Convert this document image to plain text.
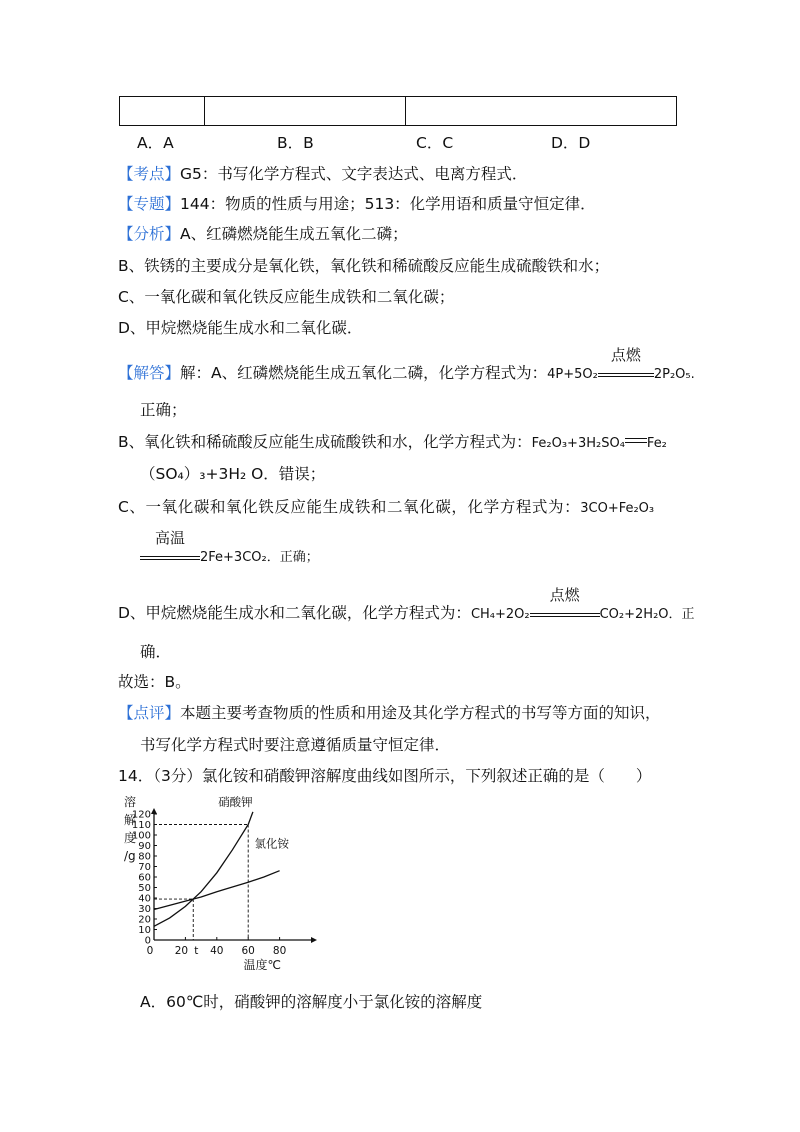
A．A	B．B	C．C	D．D
【考点】G5：书写化学方程式、文字表达式、电离方程式．
【专题】144：物质的性质与用途；513：化学用语和质量守恒定律．
【分析】A、红磷燃烧能生成五氧化二磷；
B、铁锈的主要成分是氧化铁，氧化铁和稀硫酸反应能生成硫酸铁和水；
C、一氧化碳和氧化铁反应能生成铁和二氧化碳；
D、甲烷燃烧能生成水和二氧化碳．
【解答】解：A、红磷燃烧能生成五氧化二磷，化学方程式为：4P+5O₂
点燃
2P₂O₅.
正确；
B、氧化铁和稀硫酸反应能生成硫酸铁和水，化学方程式为：Fe₂O₃+3H₂SO₄ Fe₂
（SO₄）₃+3H₂ O．错误；
C、一氧化碳和氧化铁反应能生成铁和二氧化碳，化学方程式为：3CO+Fe₂O₃
高温
2Fe+3CO₂．正确；
D、甲烷燃烧能生成水和二氧化碳，化学方程式为：CH₄+2O₂
点燃
CO₂+2H₂O．正
确．
故选：B。
【点评】本题主要考查物质的性质和用途及其化学方程式的书写等方面的知识，
书写化学方程式时要注意遵循质量守恒定律．
14．（3分）氯化铵和硝酸钾溶解度曲线如图所示，下列叙述正确的是（　　）
0
10
20
30
40
50
60
70
80
90
100
110
120
0 20 t 40 60 80
溶
解
度
/g
温度℃
硝酸钾
氯化铵
A．60℃时，硝酸钾的溶解度小于氯化铵的溶解度
